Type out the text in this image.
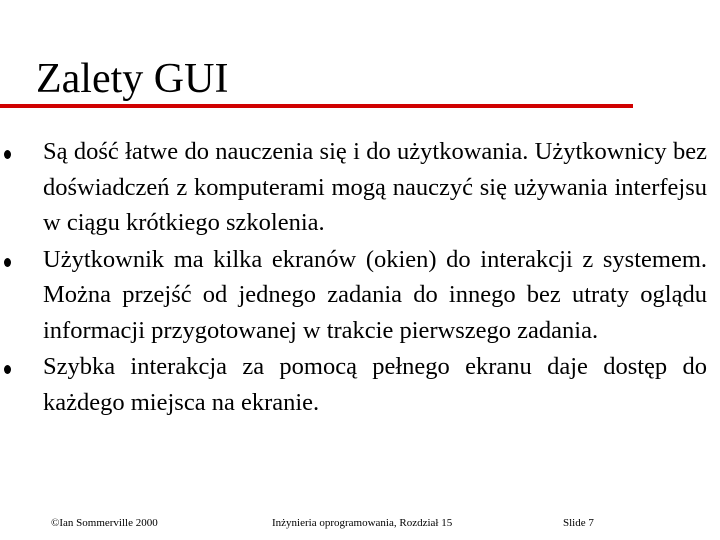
Zalety GUI
Są dość łatwe do nauczenia się i do użytkowania. Użytkownicy bez doświadczeń z komputerami mogą nauczyć się używania interfejsu w ciągu krótkiego szkolenia.
Użytkownik ma kilka ekranów (okien) do interakcji z systemem. Można przejść od jednego zadania do innego bez utraty oglądu informacji przygotowanej w trakcie pierwszego zadania.
Szybka interakcja za pomocą pełnego ekranu daje dostęp do każdego miejsca na ekranie.
©Ian Sommerville 2000	Inżynieria oprogramowania, Rozdział 15	Slide 7
